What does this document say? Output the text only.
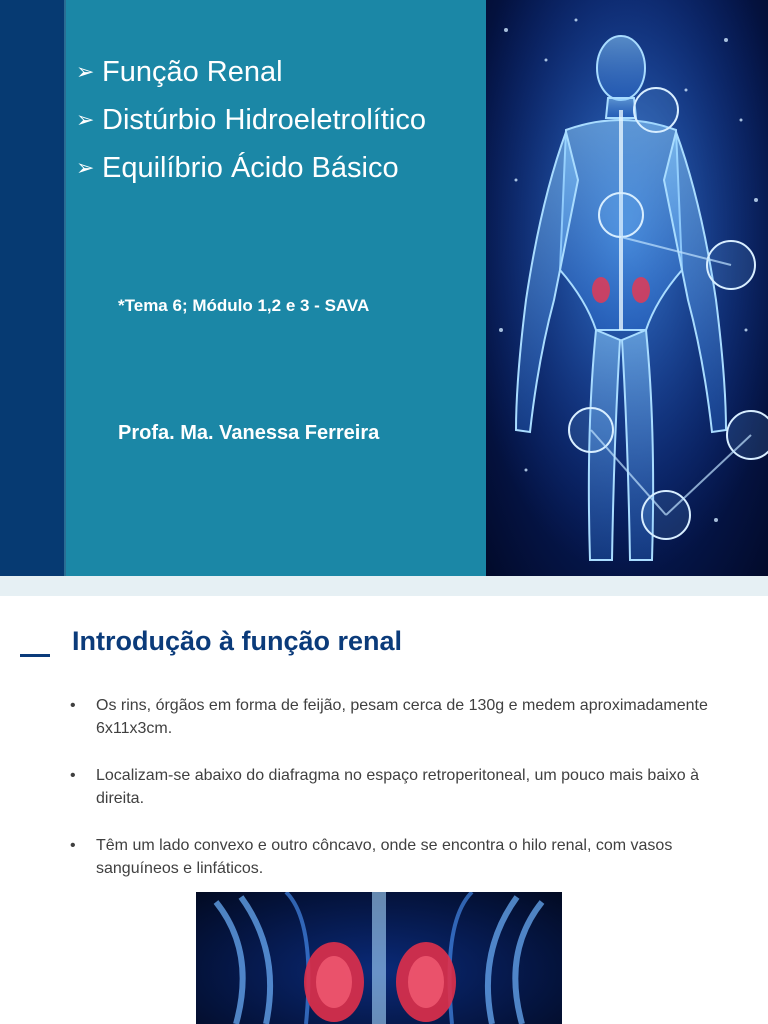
➢ Função Renal
➢ Distúrbio Hidroeletrolítico
➢ Equilíbrio Ácido Básico
*Tema 6; Módulo 1,2 e 3 - SAVA
Profa. Ma. Vanessa Ferreira
Introdução à função renal
• Os rins, órgãos em forma de feijão, pesam cerca de 130g e medem aproximadamente 6x11x3cm.
• Localizam-se abaixo do diafragma no espaço retroperitoneal, um pouco mais baixo à direita.
• Têm um lado convexo e outro côncavo, onde se encontra o hilo renal, com vasos sanguíneos e linfáticos.
